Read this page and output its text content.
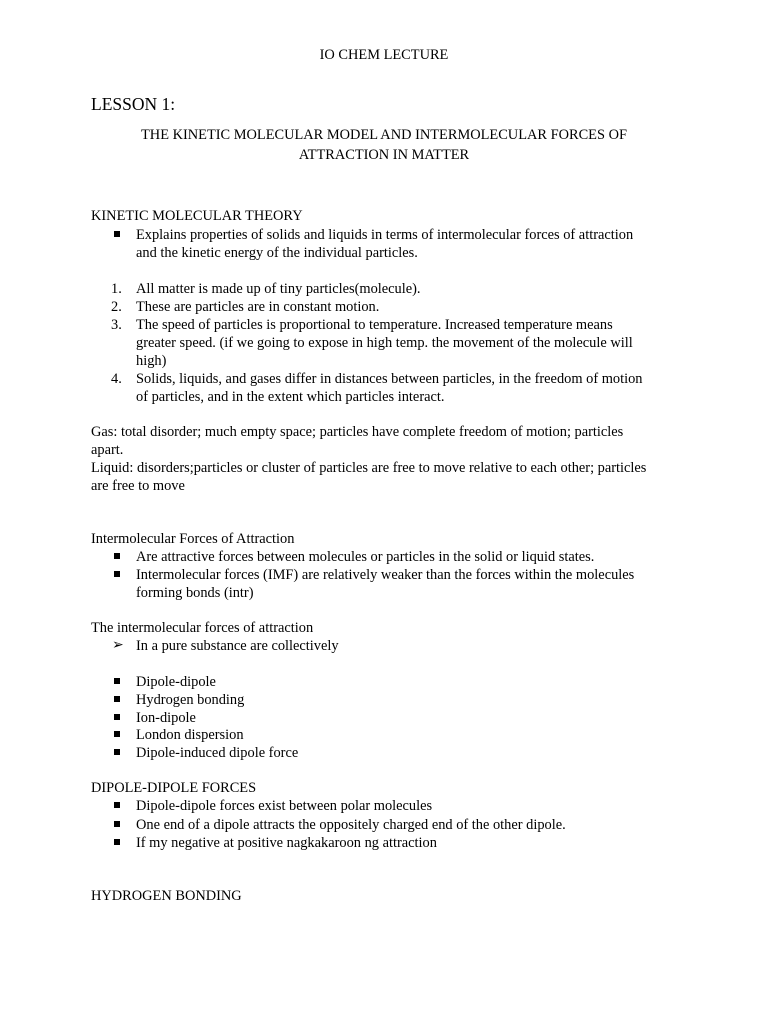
IO CHEM LECTURE
LESSON 1:
THE KINETIC MOLECULAR MODEL AND INTERMOLECULAR FORCES OF
ATTRACTION IN MATTER
KINETIC MOLECULAR THEORY
Explains properties of solids and liquids in terms of intermolecular forces of attraction
and the kinetic energy of the individual particles.
1. All matter is made up of tiny particles(molecule).
2. These are particles are in constant motion.
3. The speed of particles is proportional to temperature. Increased temperature means
greater speed. (if we going to expose in high temp. the movement of the molecule will
high)
4. Solids, liquids, and gases differ in distances between particles, in the freedom of motion
of particles, and in the extent which particles interact.
Gas: total disorder; much empty space; particles have complete freedom of motion; particles
apart.
Liquid: disorders;particles or cluster of particles are free to move relative to each other; particles
are free to move
Intermolecular Forces of Attraction
Are attractive forces between molecules or particles in the solid or liquid states.
Intermolecular forces (IMF) are relatively weaker than the forces within the molecules
forming bonds (intr)
The intermolecular forces of attraction
➢ In a pure substance are collectively
Dipole-dipole
Hydrogen bonding
Ion-dipole
London dispersion
Dipole-induced dipole force
DIPOLE-DIPOLE FORCES
Dipole-dipole forces exist between polar molecules
One end of a dipole attracts the oppositely charged end of the other dipole.
If my negative at positive nagkakaroon ng attraction
HYDROGEN BONDING
